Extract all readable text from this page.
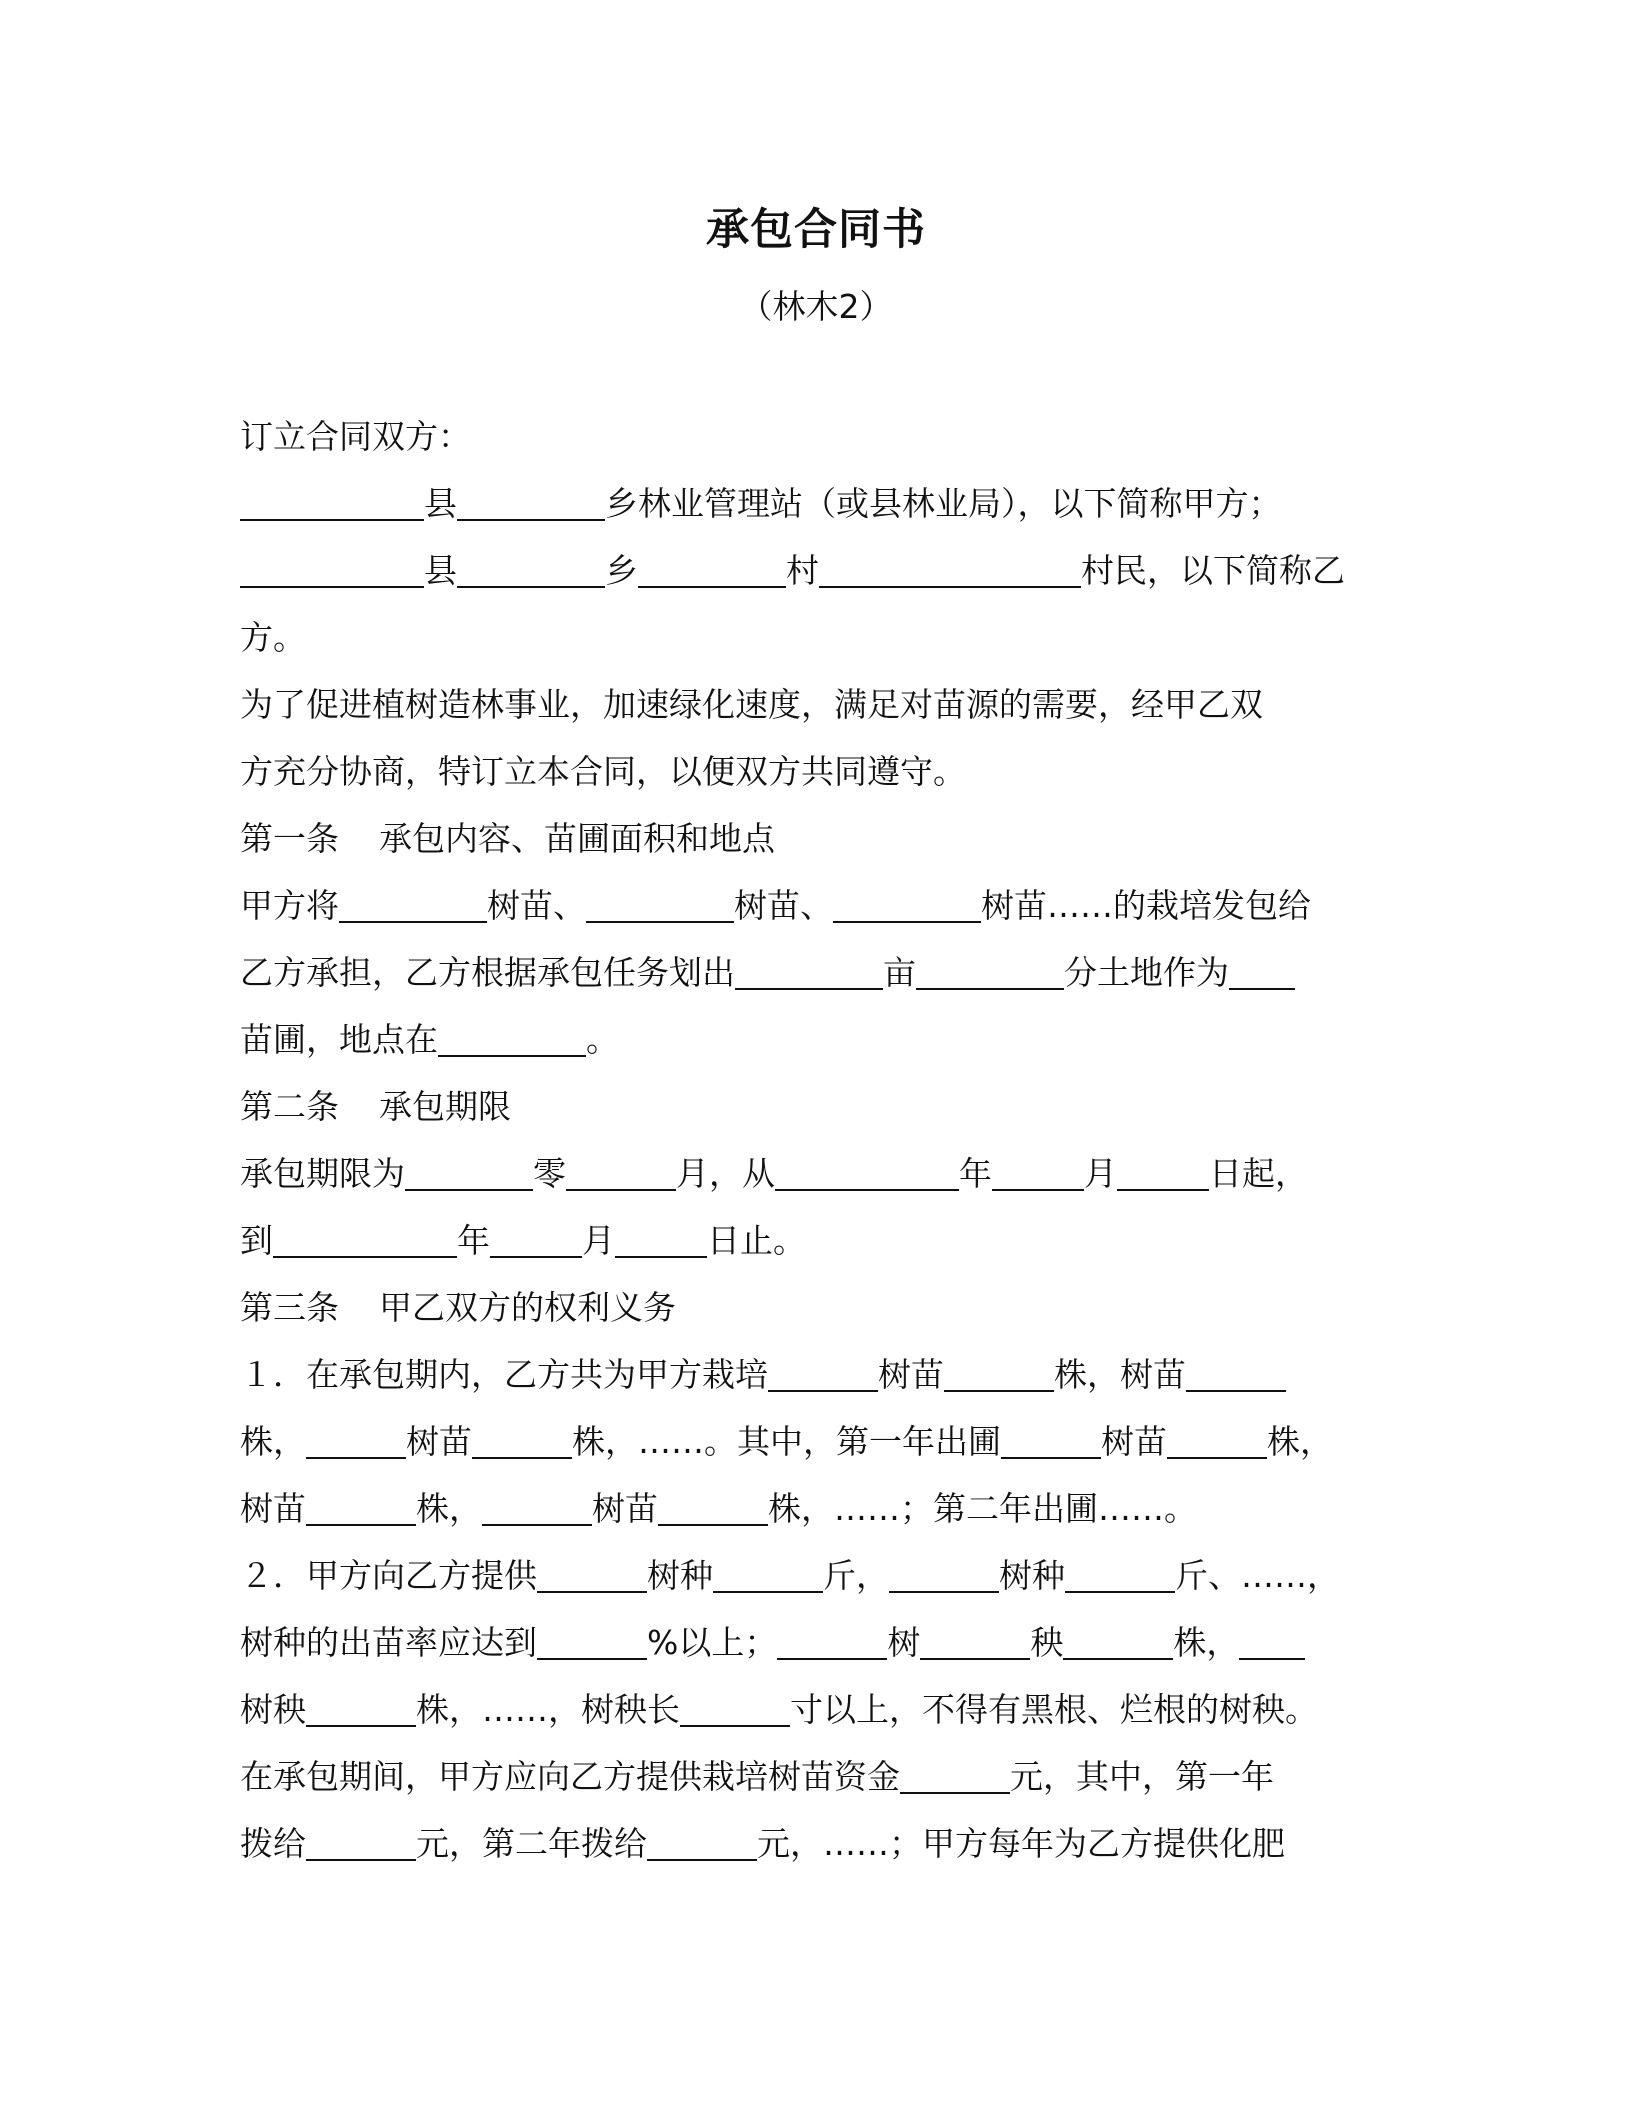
承包合同书
（林木2）
订立合同双方：
县	乡林业管理站（或县林业局），以下简称甲方；
县	乡	村	村民，以下简称乙
方。
为了促进植树造林事业，加速绿化速度，满足对苗源的需要，经甲乙双
方充分协商，特订立本合同，以便双方共同遵守。
第一条 承包内容、苗圃面积和地点
甲方将	树苗、	树苗、	树苗……的栽培发包给
乙方承担，乙方根据承包任务划出	亩	分土地作为
苗圃，地点在	。
第二条 承包期限
承包期限为	零	月，从	年	月	日起，
到	年	月	日止。
第三条 甲乙双方的权利义务
１．在承包期内，乙方共为甲方栽培	树苗	株，树苗
株，	树苗	株，……。其中，第一年出圃	树苗	株，
树苗	株，	树苗	株，……；第二年出圃……。
２．甲方向乙方提供	树种	斤，	树种	斤、……，
树种的出苗率应达到	%以上；	树	秧	株，
树秧	株，……，树秧长	寸以上，不得有黑根、烂根的树秧。
在承包期间，甲方应向乙方提供栽培树苗资金	元，其中，第一年
拨给	元，第二年拨给	元，……；甲方每年为乙方提供化肥
